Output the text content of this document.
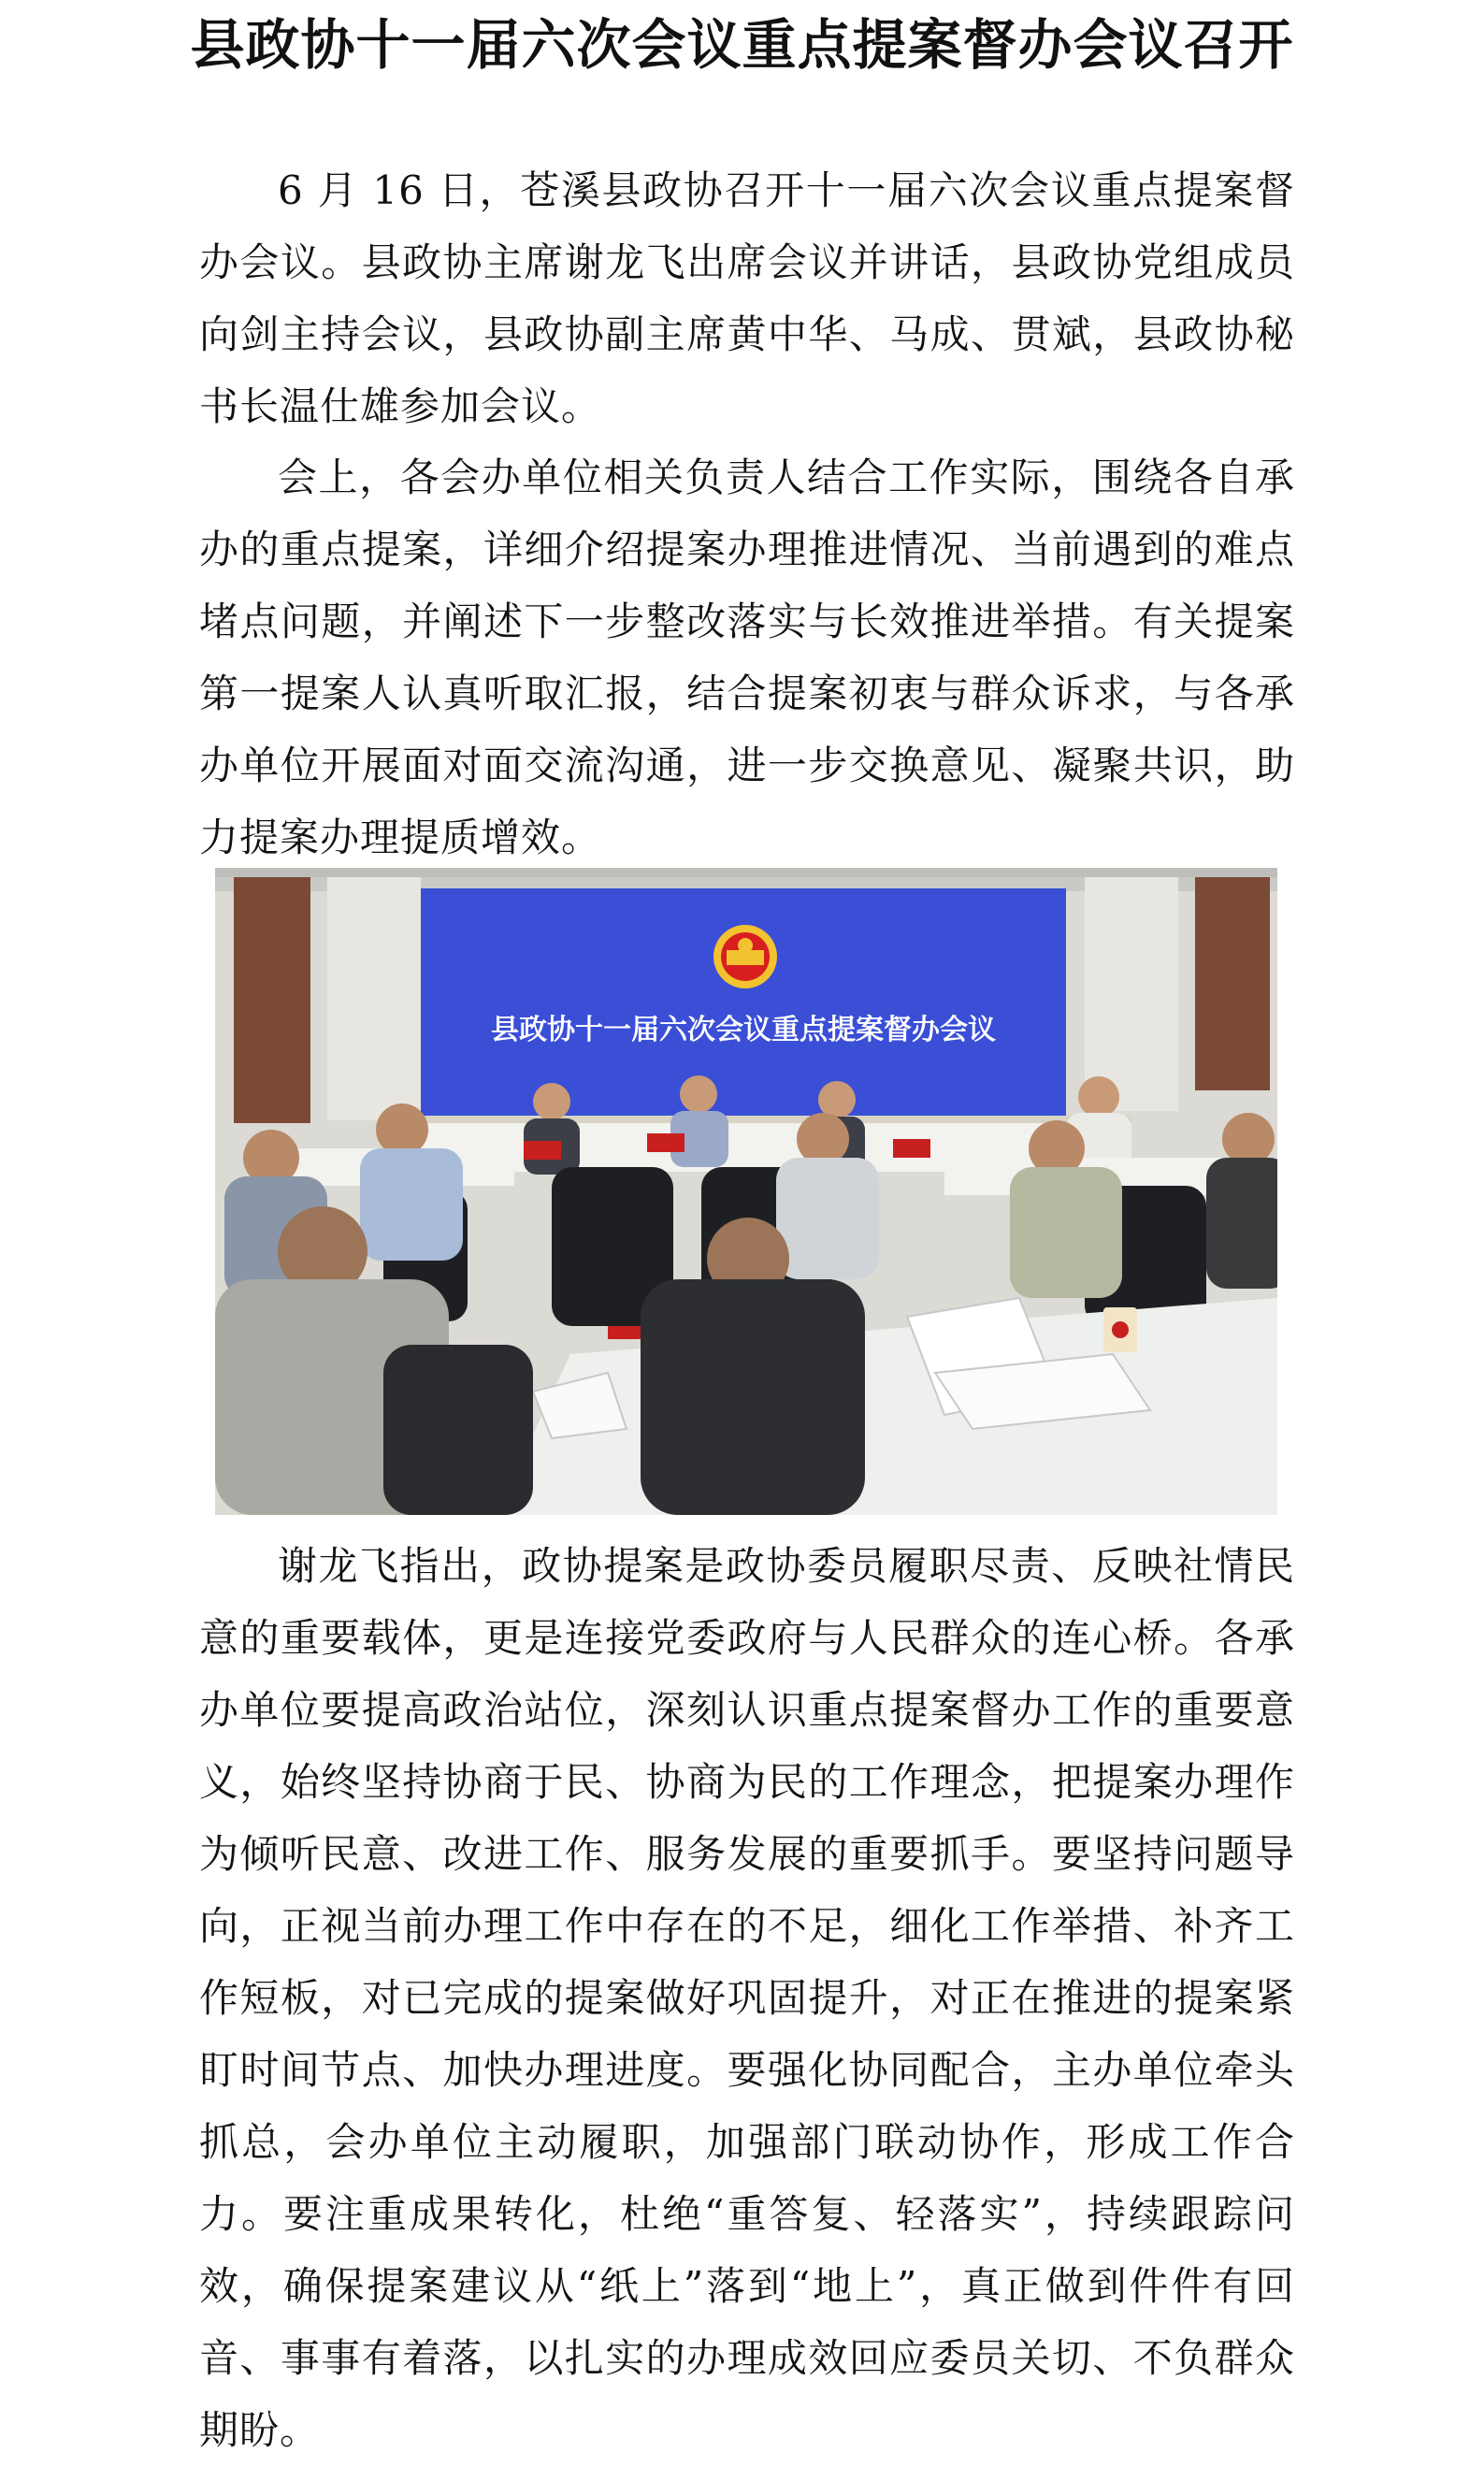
县政协十一届六次会议重点提案督办会议召开

6 月 16 日，苍溪县政协召开十一届六次会议重点提案督办会议。县政协主席谢龙飞出席会议并讲话，县政协党组成员向剑主持会议，县政协副主席黄中华、马成、贯斌，县政协秘书长温仕雄参加会议。

会上，各会办单位相关负责人结合工作实际，围绕各自承办的重点提案，详细介绍提案办理推进情况、当前遇到的难点堵点问题，并阐述下一步整改落实与长效推进举措。有关提案第一提案人认真听取汇报，结合提案初衷与群众诉求，与各承办单位开展面对面交流沟通，进一步交换意见、凝聚共识，助力提案办理提质增效。

县政协十一届六次会议重点提案督办会议

谢龙飞指出，政协提案是政协委员履职尽责、反映社情民意的重要载体，更是连接党委政府与人民群众的连心桥。各承办单位要提高政治站位，深刻认识重点提案督办工作的重要意义，始终坚持协商于民、协商为民的工作理念，把提案办理作为倾听民意、改进工作、服务发展的重要抓手。要坚持问题导向，正视当前办理工作中存在的不足，细化工作举措、补齐工作短板，对已完成的提案做好巩固提升，对正在推进的提案紧盯时间节点、加快办理进度。要强化协同配合，主办单位牵头抓总，会办单位主动履职，加强部门联动协作，形成工作合力。要注重成果转化，杜绝“重答复、轻落实”，持续跟踪问效，确保提案建议从“纸上”落到“地上”，真正做到件件有回音、事事有着落，以扎实的办理成效回应委员关切、不负群众期盼。
